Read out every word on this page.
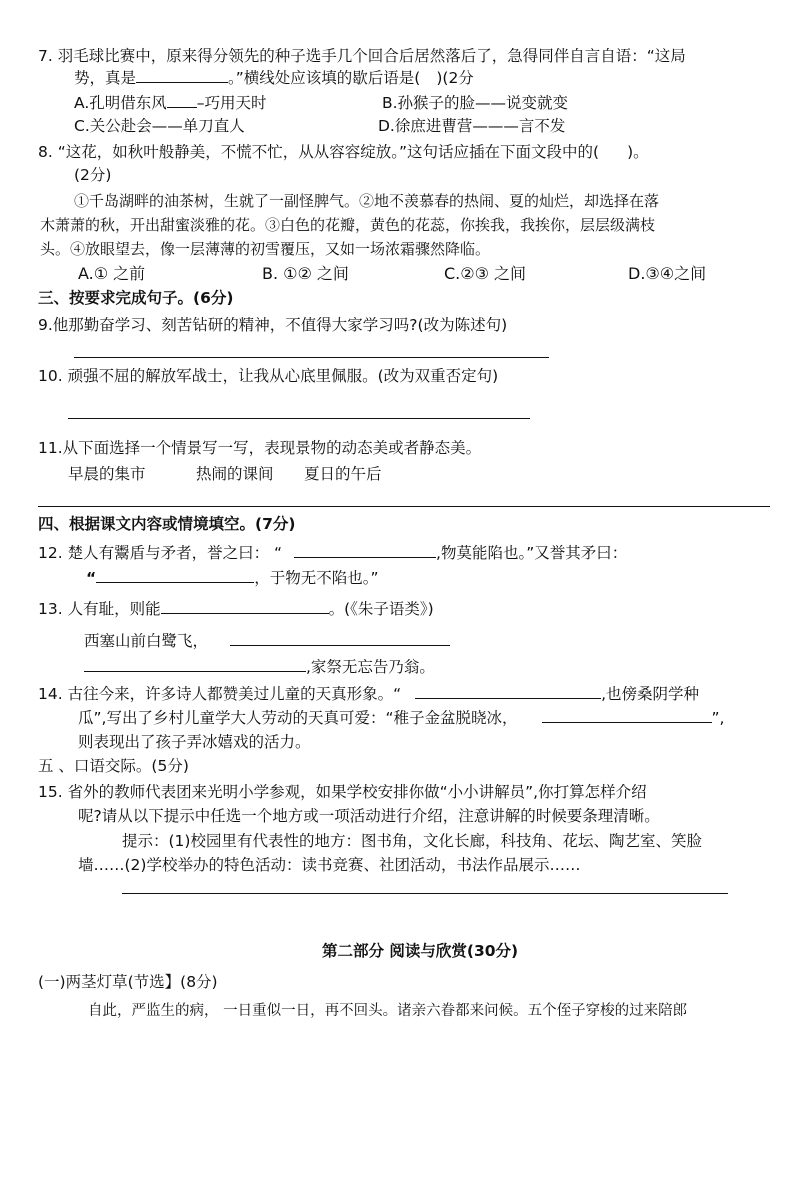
7. 羽毛球比赛中，原来得分领先的种子选手几个回合后居然落后了，急得同伴自言自语：“这局
势，真是	。”横线处应该填的歇后语是( )(2分
A.孔明借东风 –巧用天时	B.孙猴子的脸——说变就变
C.关公赴会——单刀直人	D.徐庶进曹营———言不发
8. “这花，如秋叶般静美，不慌不忙，从从容容绽放。”这句话应插在下面文段中的( )。
(2分)
①千岛湖畔的油茶树，生就了一副怪脾气。②地不羡慕春的热闹、夏的灿烂，却选择在落
木萧萧的秋，开出甜蜜淡雅的花。③白色的花瓣，黄色的花蕊，你挨我，我挨你，层层级满枝
头。④放眼望去，像一层薄薄的初雪覆压，又如一场浓霜骤然降临。
A.① 之前	B. ①② 之间	C.②③ 之间	D.③④之间
三、按要求完成句子。(6分)
9.他那勤奋学习、刻苦钻研的精神，不值得大家学习吗?(改为陈述句)
10. 顽强不屈的解放军战士，让我从心底里佩服。(改为双重否定句)
11.从下面选择一个情景写一写，表现景物的动态美或者静态美。
早晨的集市	热闹的课间 夏日的午后
四、根据课文内容或情境填空。(7分)
12. 楚人有鬻盾与矛者，誉之曰： “	,物莫能陷也。”又誉其矛曰：
“	，于物无不陷也。”
13. 人有耻，则能	。(《朱子语类》)
西塞山前白鹭飞，
,家祭无忘告乃翁。
14. 古往今来，许多诗人都赞美过儿童的天真形象。“	,也傍桑阴学种
瓜”,写出了乡村儿童学大人劳动的天真可爱：“稚子金盆脱晓冰，	”,
则表现出了孩子弄冰嬉戏的活力。
五 、口语交际。(5分)
15. 省外的教师代表团来光明小学参观，如果学校安排你做“小小讲解员”,你打算怎样介绍
呢?请从以下提示中任选一个地方或一项活动进行介绍，注意讲解的时候要条理清晰。
提示：(1)校园里有代表性的地方：图书角，文化长廊，科技角、花坛、陶艺室、笑脸
墙……(2)学校举办的特色活动：读书竞赛、社团活动，书法作品展示……
第二部分 阅读与欣赏(30分)
(一)两茎灯草(节选】(8分)
自此，严监生的病， 一日重似一日，再不回头。诸亲六眷都来问候。五个侄子穿梭的过来陪郎
